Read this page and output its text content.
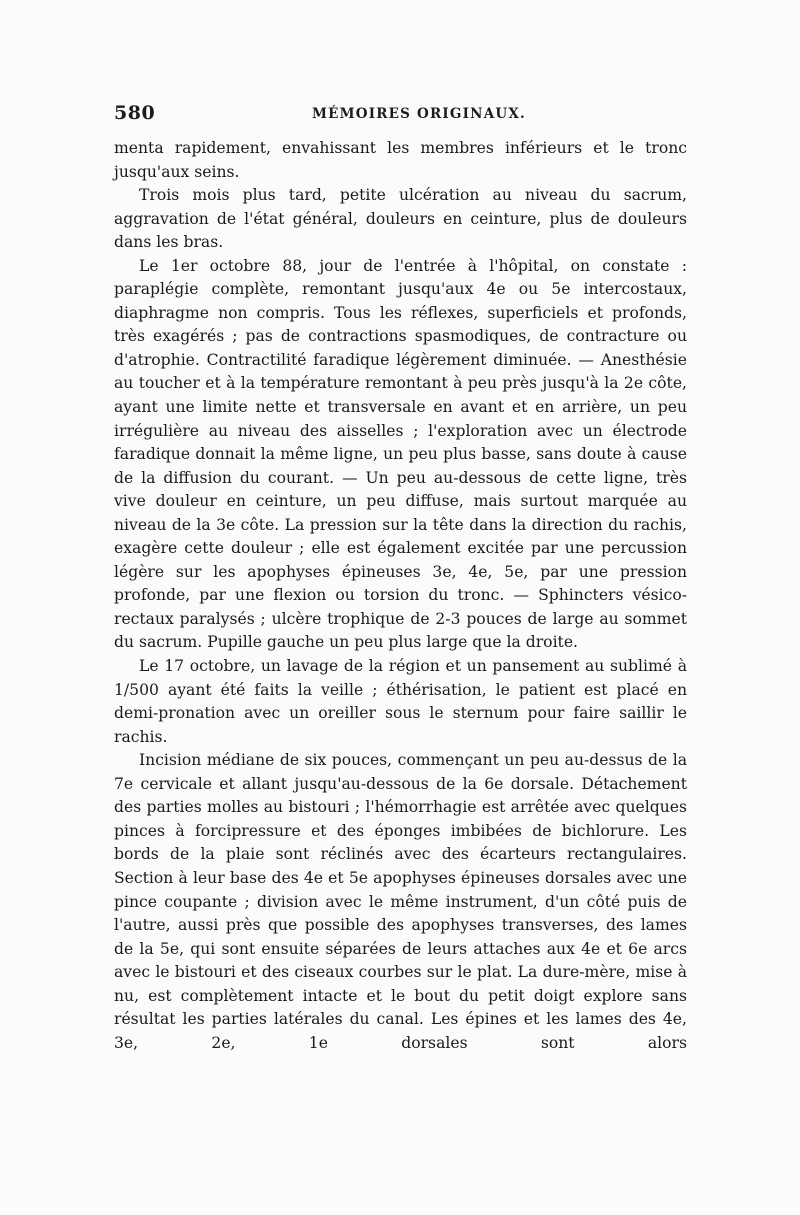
580	MÉMOIRES ORIGINAUX.

menta rapidement, envahissant les membres inférieurs et le tronc jusqu'aux seins.

Trois mois plus tard, petite ulcération au niveau du sacrum, aggravation de l'état général, douleurs en ceinture, plus de douleurs dans les bras.

Le 1er octobre 88, jour de l'entrée à l'hôpital, on constate : paraplégie complète, remontant jusqu'aux 4e ou 5e intercostaux, diaphragme non compris. Tous les réflexes, superficiels et profonds, très exagérés ; pas de contractions spasmodiques, de contracture ou d'atrophie. Contractilité faradique légèrement diminuée. — Anesthésie au toucher et à la température remontant à peu près jusqu'à la 2e côte, ayant une limite nette et transversale en avant et en arrière, un peu irrégulière au niveau des aisselles ; l'exploration avec un électrode faradique donnait la même ligne, un peu plus basse, sans doute à cause de la diffusion du courant. — Un peu au-dessous de cette ligne, très vive douleur en ceinture, un peu diffuse, mais surtout marquée au niveau de la 3e côte. La pression sur la tête dans la direction du rachis, exagère cette douleur ; elle est également excitée par une percussion légère sur les apophyses épineuses 3e, 4e, 5e, par une pression profonde, par une flexion ou torsion du tronc. — Sphincters vésico-rectaux paralysés ; ulcère trophique de 2-3 pouces de large au sommet du sacrum. Pupille gauche un peu plus large que la droite.

Le 17 octobre, un lavage de la région et un pansement au sublimé à 1/500 ayant été faits la veille ; éthérisation, le patient est placé en demi-pronation avec un oreiller sous le sternum pour faire saillir le rachis.

Incision médiane de six pouces, commençant un peu au-dessus de la 7e cervicale et allant jusqu'au-dessous de la 6e dorsale. Détachement des parties molles au bistouri ; l'hémorrhagie est arrêtée avec quelques pinces à forcipressure et des éponges imbibées de bichlorure. Les bords de la plaie sont réclinés avec des écarteurs rectangulaires. Section à leur base des 4e et 5e apophyses épineuses dorsales avec une pince coupante ; division avec le même instrument, d'un côté puis de l'autre, aussi près que possible des apophyses transverses, des lames de la 5e, qui sont ensuite séparées de leurs attaches aux 4e et 6e arcs avec le bistouri et des ciseaux courbes sur le plat. La dure-mère, mise à nu, est complètement intacte et le bout du petit doigt explore sans résultat les parties latérales du canal. Les épines et les lames des 4e, 3e, 2e, 1e dorsales sont alors
